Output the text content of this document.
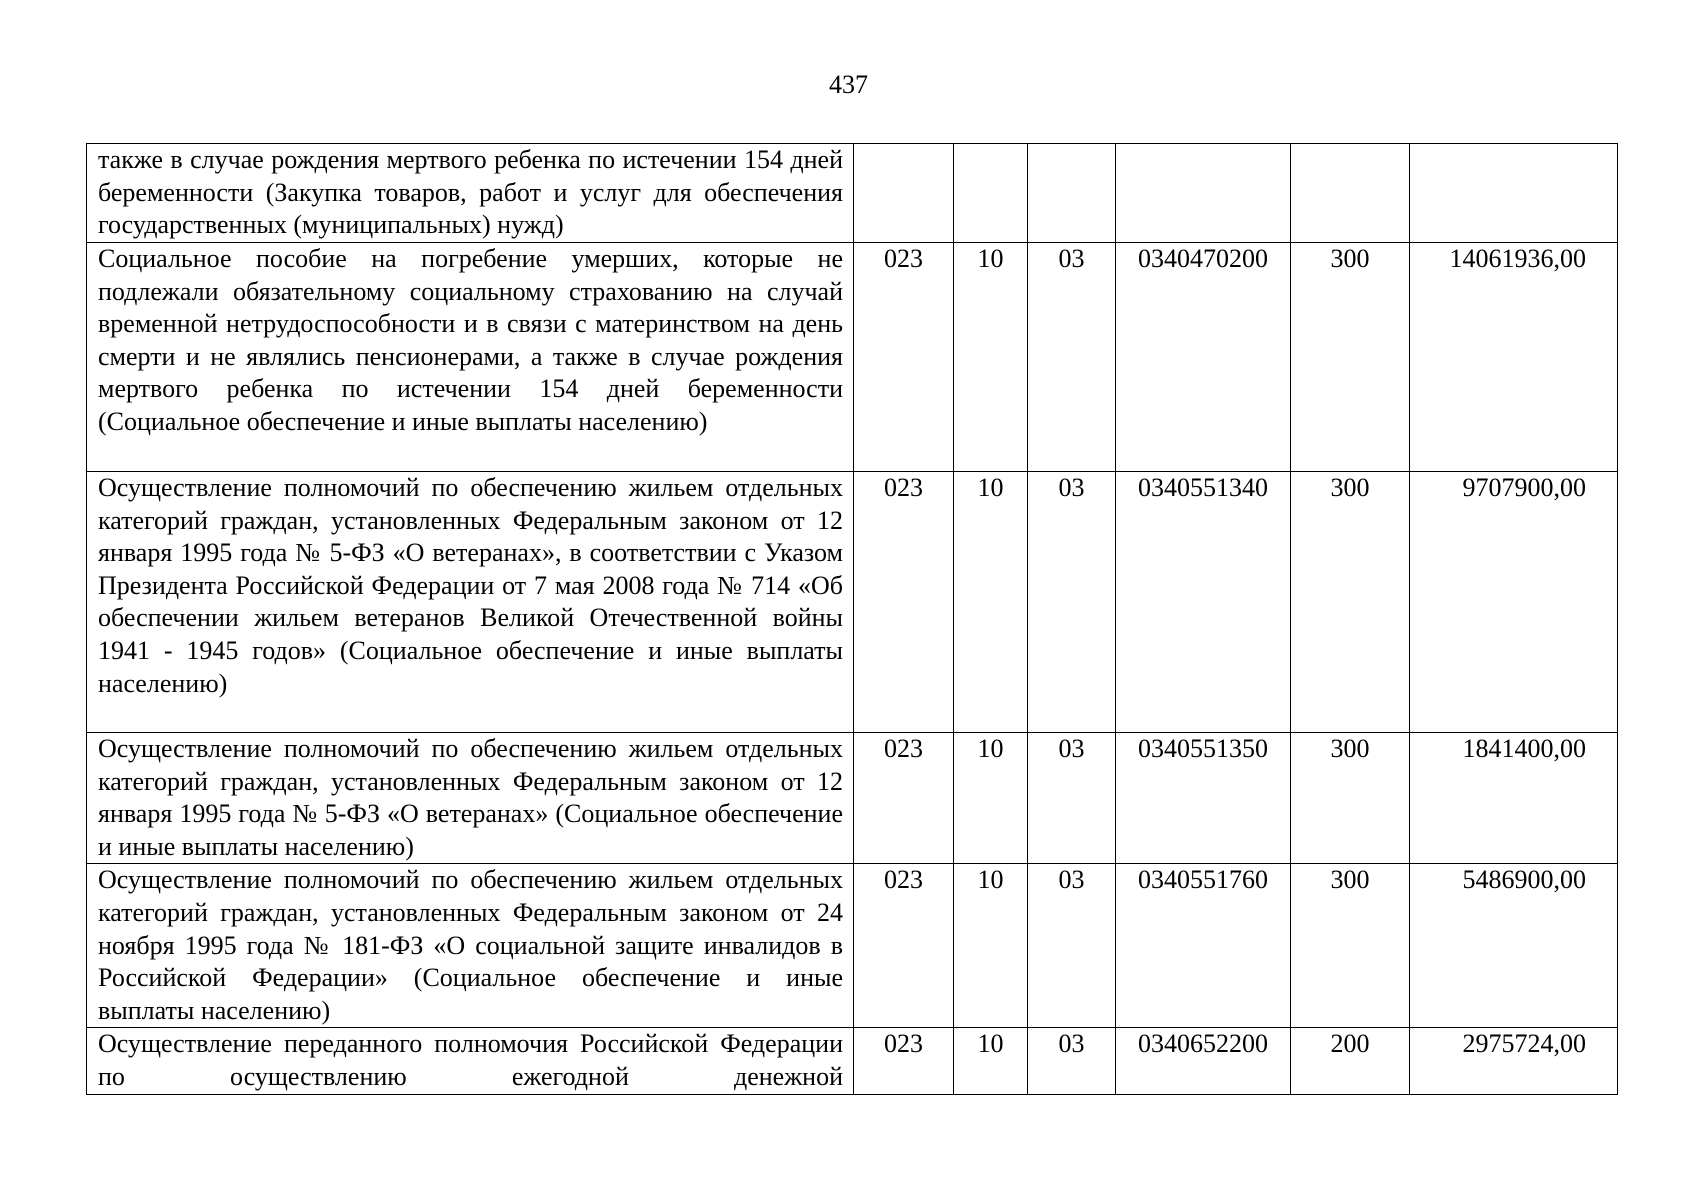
437
также в случае рождения мертвого ребенка по истечении 154 дней беременности (Закупка товаров, работ и услуг для обеспечения государственных (муниципальных) нужд)						
Социальное пособие на погребение умерших, которые не подлежали обязательному социальному страхованию на случай временной нетрудоспособности и в связи с материнством на день смерти и не являлись пенсионерами, а также в случае рождения мертвого ребенка по истечении 154 дней беременности (Социальное обеспечение и иные выплаты населению)	023	10	03	0340470200	300	14061936,00
Осуществление полномочий по обеспечению жильем отдельных категорий граждан, установленных Федеральным законом от 12 января 1995 года № 5-ФЗ «О ветеранах», в соответствии с Указом Президента Российской Федерации от 7 мая 2008 года № 714 «Об обеспечении жильем ветеранов Великой Отечественной войны 1941 - 1945 годов» (Социальное обеспечение и иные выплаты населению)	023	10	03	0340551340	300	9707900,00
Осуществление полномочий по обеспечению жильем отдельных категорий граждан, установленных Федеральным законом от 12 января 1995 года № 5-ФЗ «О ветеранах» (Социальное обеспечение и иные выплаты населению)	023	10	03	0340551350	300	1841400,00
Осуществление полномочий по обеспечению жильем отдельных категорий граждан, установленных Федеральным законом от 24 ноября 1995 года № 181-ФЗ «О социальной защите инвалидов в Российской Федерации» (Социальное обеспечение и иные выплаты населению)	023	10	03	0340551760	300	5486900,00
Осуществление переданного полномочия Российской Федерации по осуществлению ежегодной денежной	023	10	03	0340652200	200	2975724,00
